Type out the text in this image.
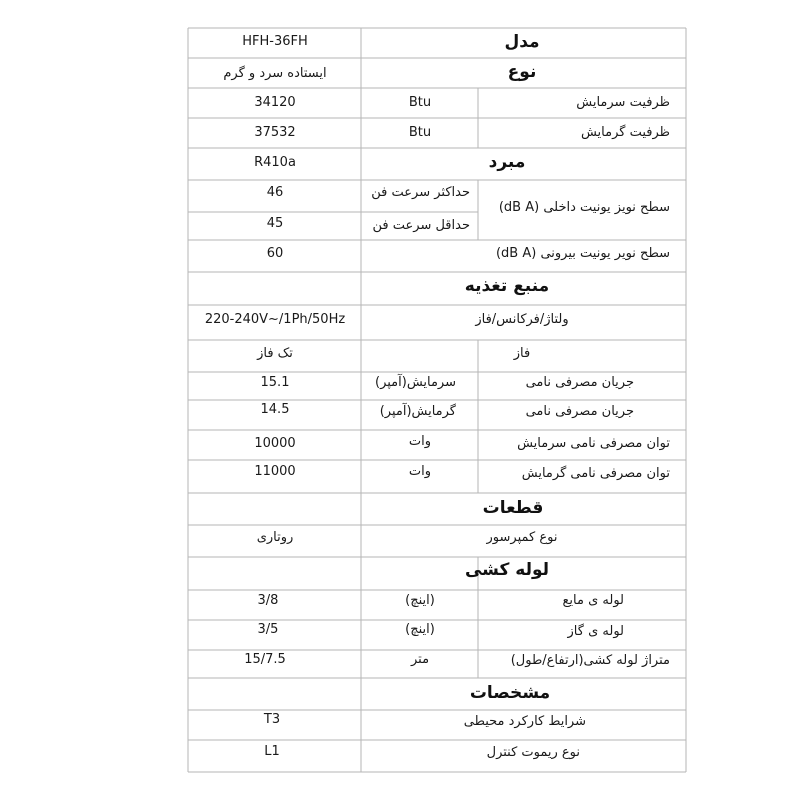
مدل
HFH-36FH
نوع
ایستاده سرد و گرم
ظرفیت سرمایش
Btu
34120
ظرفیت گرمایش
Btu
37532
مبرد
R410a
سطح نویز یونیت داخلی (dB A)
حداکثر سرعت فن
46
حداقل سرعت فن
45
سطح نویر یونیت بیرونی (dB A)
60
منبع تغذیه
ولتاژ/فرکانس/فاز
220-240V~/1Ph/50Hz
فاز
تک فاز
جریان مصرفی نامی
سرمایش(آمپر)
15.1
جریان مصرفی نامی
گرمایش(آمپر)
14.5
توان مصرفی نامی سرمایش
وات
10000
توان مصرفی نامی گرمایش
وات
11000
قطعات
نوع کمپرسور
روتاری
لوله کشی
لوله ی مایع
(اینچ)
3/8
لوله ی گاز
(اینچ)
3/5
متراژ لوله کشی(ارتفاع/طول)
متر
15/7.5
مشخصات
شرایط کارکرد محیطی
T3
نوع ریموت کنترل
L1
